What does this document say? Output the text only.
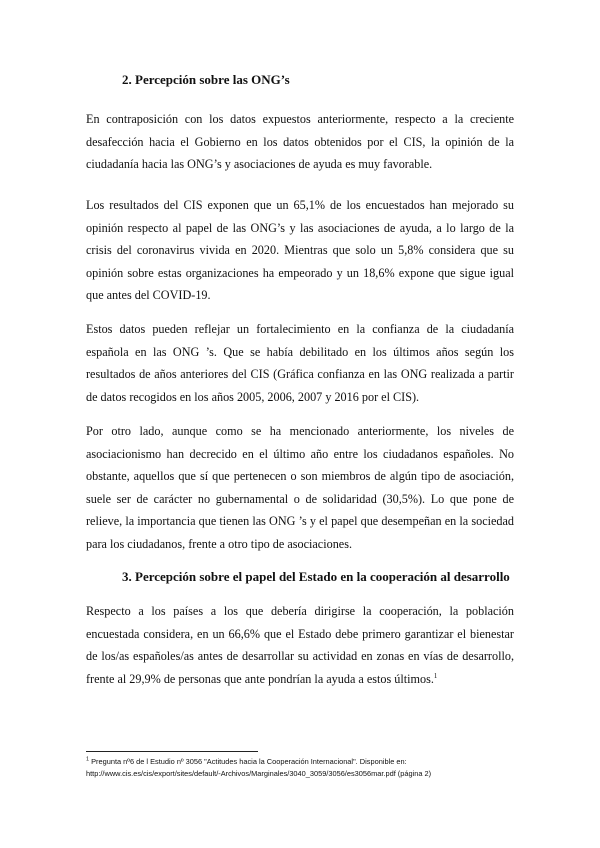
2. Percepción sobre las ONG’s

En contraposición con los datos expuestos anteriormente, respecto a la creciente desafección hacia el Gobierno en los datos obtenidos por el CIS, la opinión de la ciudadanía hacia las ONG’s y asociaciones de ayuda es muy favorable.

Los resultados del CIS exponen que un 65,1% de los encuestados han mejorado su opinión respecto al papel de las ONG’s y las asociaciones de ayuda, a lo largo de la crisis del coronavirus vivida en 2020. Mientras que solo un 5,8% considera que su opinión sobre estas organizaciones ha empeorado y un 18,6% expone que sigue igual que antes del COVID-19.

Estos datos pueden reflejar un fortalecimiento en la confianza de la ciudadanía española en las ONG ’s. Que se había debilitado en los últimos años según los resultados de años anteriores del CIS (Gráfica confianza en las ONG realizada a partir de datos recogidos en los años 2005, 2006, 2007 y 2016 por el CIS).

Por otro lado, aunque como se ha mencionado anteriormente, los niveles de asociacionismo han decrecido en el último año entre los ciudadanos españoles. No obstante, aquellos que sí que pertenecen o son miembros de algún tipo de asociación, suele ser de carácter no gubernamental o de solidaridad (30,5%). Lo que pone de relieve, la importancia que tienen las ONG ’s y el papel que desempeñan en la sociedad para los ciudadanos, frente a otro tipo de asociaciones.

3. Percepción sobre el papel del Estado en la cooperación al desarrollo

Respecto a los países a los que debería dirigirse la cooperación, la población encuestada considera, en un 66,6% que el Estado debe primero garantizar el bienestar de los/as españoles/as antes de desarrollar su actividad en zonas en vías de desarrollo, frente al 29,9% de personas que ante pondrían la ayuda a estos últimos.$^1$

$^1$ Pregunta nº6 de l Estudio nº 3056 "Actitudes hacia la Cooperación Internacional". Disponible en:
http://www.cis.es/cis/export/sites/default/-Archivos/Marginales/3040_3059/3056/es3056mar.pdf (página 2)
